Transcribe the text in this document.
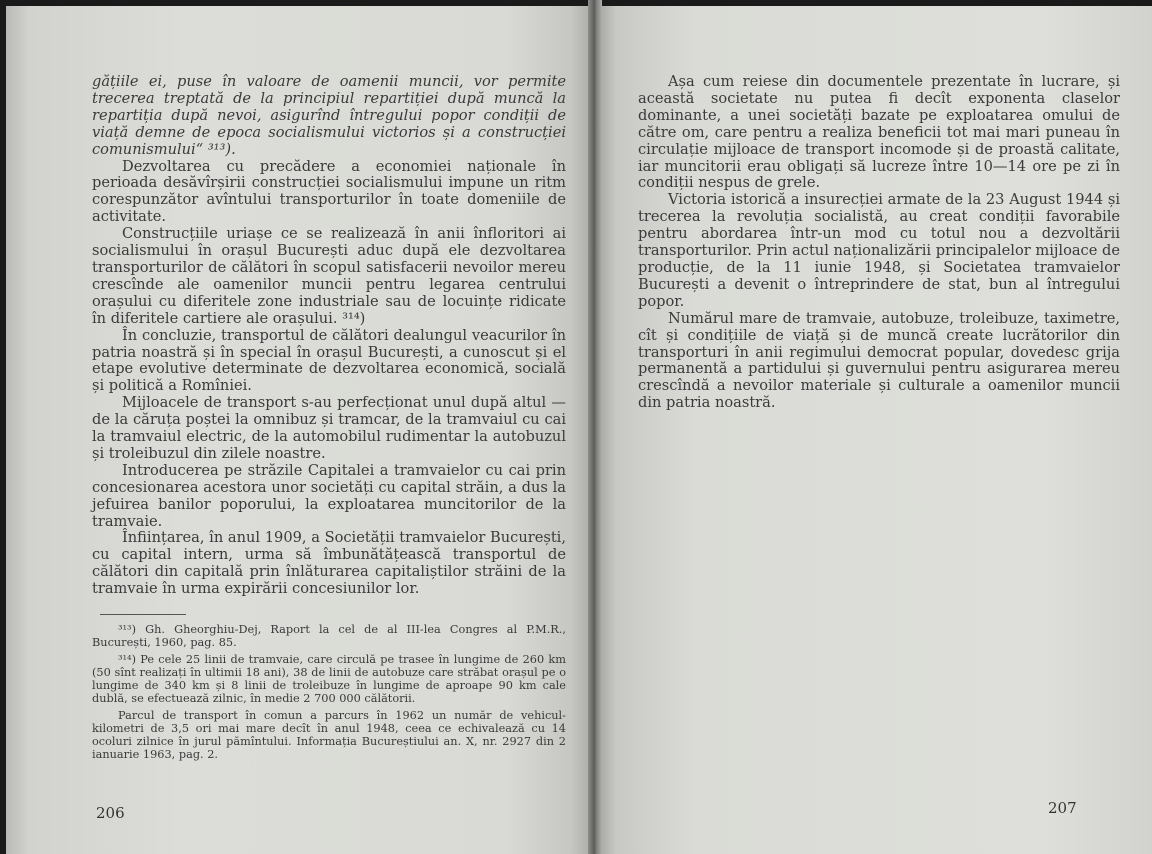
gățiile ei, puse în valoare de oamenii muncii, vor permite trecerea treptată de la principiul repartiției după muncă la repartiția după nevoi, asigurînd întregului popor condiții de viață demne de epoca socialismului victorios și a construcției comunismului“ ³¹³).

Dezvoltarea cu precădere a economiei naționale în perioada desăvîrșirii construcției socialismului impune un ritm corespunzător avîntului transporturilor în toate domeniile de activitate.

Construcțiile uriașe ce se realizează în anii înfloritori ai socialismului în orașul București aduc după ele dezvoltarea transporturilor de călători în scopul satisfacerii nevoilor mereu crescînde ale oamenilor muncii pentru legarea centrului orașului cu diferitele zone industriale sau de locuințe ridicate în diferitele cartiere ale orașului. ³¹⁴)

În concluzie, transportul de călători dealungul veacurilor în patria noastră și în special în orașul București, a cunoscut și el etape evolutive determinate de dezvoltarea economică, socială și politică a Romîniei.

Mijloacele de transport s-au perfecționat unul după altul — de la căruța poștei la omnibuz și tramcar, de la tramvaiul cu cai la tramvaiul electric, de la automobilul rudimentar la autobuzul și troleibuzul din zilele noastre.

Introducerea pe străzile Capitalei a tramvaielor cu cai prin concesionarea acestora unor societăți cu capital străin, a dus la jefuirea banilor poporului, la exploatarea muncitorilor de la tramvaie.

Înființarea, în anul 1909, a Societății tramvaielor București, cu capital intern, urma să îmbunătățească transportul de călători din capitală prin înlăturarea capitaliștilor străini de la tramvaie în urma expirării concesiunilor lor.

³¹³) Gh. Gheorghiu-Dej, Raport la cel de al III-lea Congres al P.M.R., București, 1960, pag. 85.

³¹⁴) Pe cele 25 linii de tramvaie, care circulă pe trasee în lungime de 260 km (50 sînt realizați în ultimii 18 ani), 38 de linii de autobuze care străbat orașul pe o lungime de 340 km și 8 linii de troleibuze în lungime de aproape 90 km cale dublă, se efectuează zilnic, în medie 2 700 000 călătorii.

Parcul de transport în comun a parcurs în 1962 un număr de vehicul-kilometri de 3,5 ori mai mare decît în anul 1948, ceea ce echivalează cu 14 ocoluri zilnice în jurul pămîntului. Informația Bucureștiului an. X, nr. 2927 din 2 ianuarie 1963, pag. 2.

206

Așa cum reiese din documentele prezentate în lucrare, și această societate nu putea fi decît exponenta claselor dominante, a unei societăți bazate pe exploatarea omului de către om, care pentru a realiza beneficii tot mai mari puneau în circulație mijloace de transport incomode și de proastă calitate, iar muncitorii erau obligați să lucreze între 10—14 ore pe zi în condiții nespus de grele.

Victoria istorică a insurecției armate de la 23 August 1944 și trecerea la revoluția socialistă, au creat condiții favorabile pentru abordarea într-un mod cu totul nou a dezvoltării transporturilor. Prin actul naționalizării principalelor mijloace de producție, de la 11 iunie 1948, și Societatea tramvaielor București a devenit o întreprindere de stat, bun al întregului popor.

Numărul mare de tramvaie, autobuze, troleibuze, taximetre, cît și condițiile de viață și de muncă create lucrătorilor din transporturi în anii regimului democrat popular, dovedesc grija permanentă a partidului și guvernului pentru asigurarea mereu crescîndă a nevoilor materiale și culturale a oamenilor muncii din patria noastră.

207
